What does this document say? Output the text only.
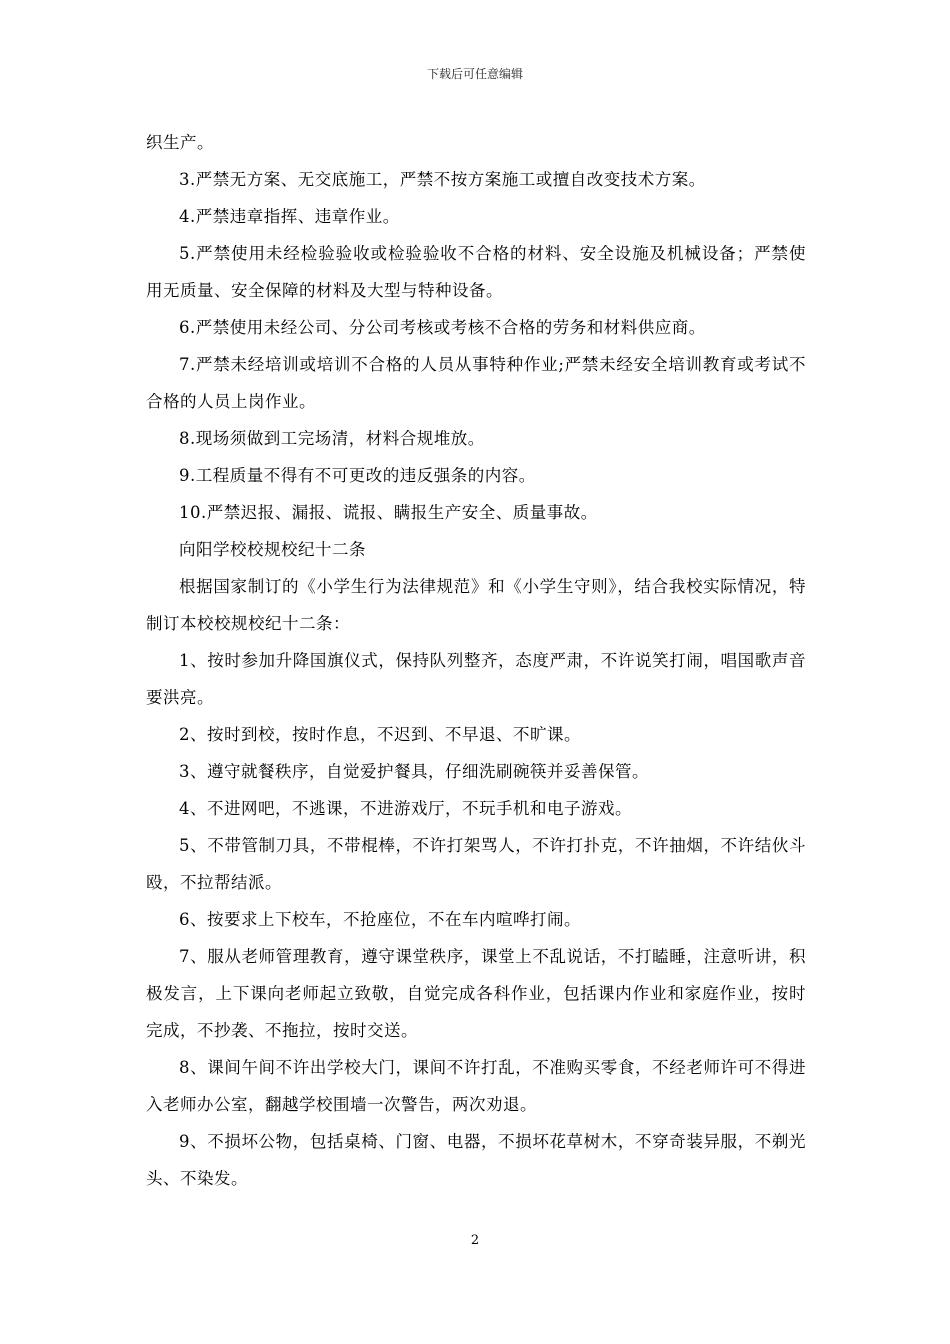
下载后可任意编辑

织生产。

3.严禁无方案、无交底施工，严禁不按方案施工或擅自改变技术方案。

4.严禁违章指挥、违章作业。

5.严禁使用未经检验验收或检验验收不合格的材料、安全设施及机械设备；严禁使用无质量、安全保障的材料及大型与特种设备。

6.严禁使用未经公司、分公司考核或考核不合格的劳务和材料供应商。

7.严禁未经培训或培训不合格的人员从事特种作业;严禁未经安全培训教育或考试不合格的人员上岗作业。

8.现场须做到工完场清，材料合规堆放。

9.工程质量不得有不可更改的违反强条的内容。

10.严禁迟报、漏报、谎报、瞒报生产安全、质量事故。

向阳学校校规校纪十二条

根据国家制订的《小学生行为法律规范》和《小学生守则》，结合我校实际情况，特制订本校校规校纪十二条：

1、按时参加升降国旗仪式，保持队列整齐，态度严肃，不许说笑打闹，唱国歌声音要洪亮。

2、按时到校，按时作息，不迟到、不早退、不旷课。

3、遵守就餐秩序，自觉爱护餐具，仔细洗刷碗筷并妥善保管。

4、不进网吧，不逃课，不进游戏厅，不玩手机和电子游戏。

5、不带管制刀具，不带棍棒，不许打架骂人，不许打扑克，不许抽烟，不许结伙斗殴，不拉帮结派。

6、按要求上下校车，不抢座位，不在车内喧哗打闹。

7、服从老师管理教育，遵守课堂秩序，课堂上不乱说话，不打瞌睡，注意听讲，积极发言，上下课向老师起立致敬，自觉完成各科作业，包括课内作业和家庭作业，按时完成，不抄袭、不拖拉，按时交送。

8、课间午间不许出学校大门，课间不许打乱，不准购买零食，不经老师许可不得进入老师办公室，翻越学校围墙一次警告，两次劝退。

9、不损坏公物，包括桌椅、门窗、电器，不损坏花草树木，不穿奇装异服，不剃光头、不染发。

2
